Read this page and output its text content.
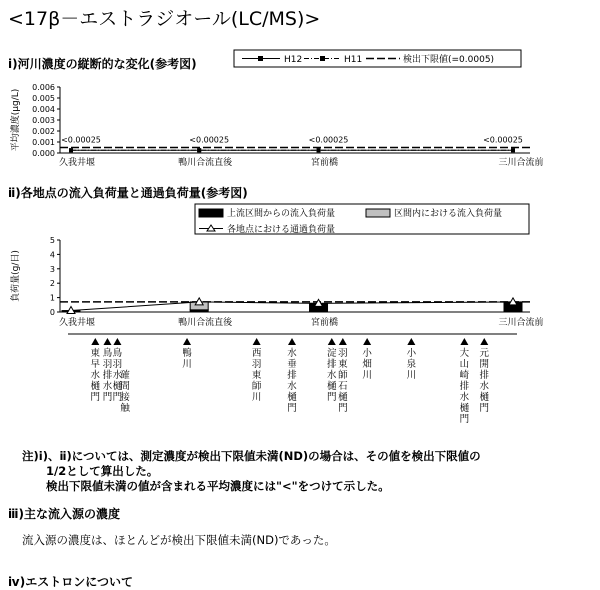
<17β－エストラジオール(LC/MS)>
ⅰ)河川濃度の縦断的な変化(参考図)	H12	H11	検出下限値(=0.0005)
0.000
0.001
0.002
0.003
0.004
0.005
0.006
平均濃度(μg/L)	<0.00025	<0.00025	<0.00025	<0.00025
久我井堰	鴨川合流直後	宮前橋	三川合流前
上流区間からの流入負荷量	区間内における流入負荷量
各地点における通過負荷量
0
1
2
3
4
5
負荷量(g/日)
久我井堰	鴨川合流直後	宮前橋	三川合流前
東
早
水
樋
門
鳥
羽
排
水
門
鳥
羽
水
樋
門
確
間
接
触
鴨
川
西
羽
東
師
川
水
垂
排
水
樋
門
淀
排
水
樋
門
羽
東
師
石
樋
門
小
畑
川
小
泉
川
大
山
崎
排
水
樋
門
元
開
排
水
樋
門
ⅱ)各地点の流入負荷量と通過負荷量(参考図)
注)ⅰ)、ⅱ)については、測定濃度が検出下限値未満(ND)の場合は、その値を検出下限値の
1/2として算出した。
検出下限値未満の値が含まれる平均濃度には"<"をつけて示した。
ⅲ)主な流入源の濃度
流入源の濃度は、ほとんどが検出下限値未満(ND)であった。
ⅳ)エストロンについて
